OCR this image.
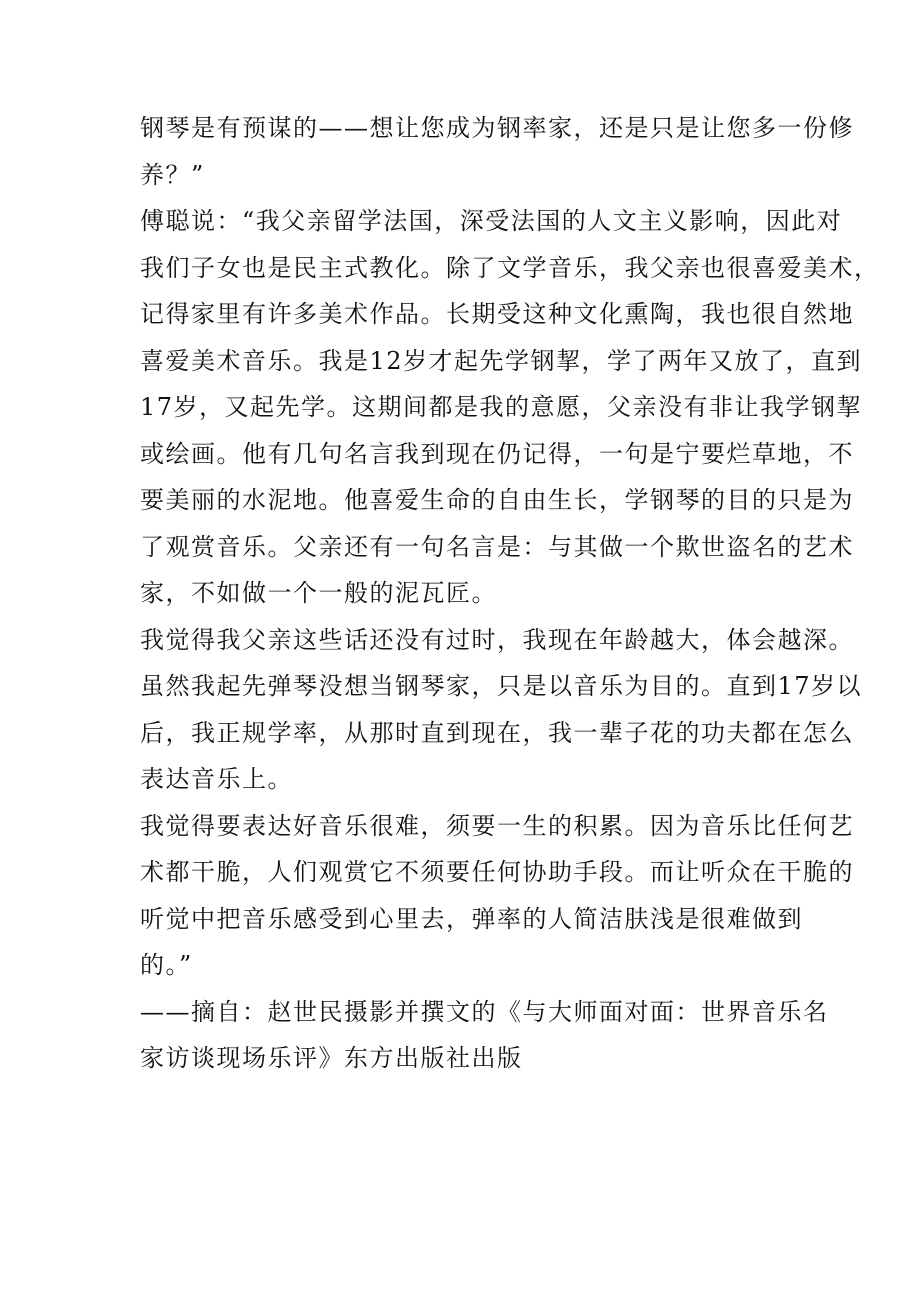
钢琴是有预谋的——想让您成为钢率家，还是只是让您多一份修
养？”
傅聪说：“我父亲留学法国，深受法国的人文主义影响，因此对
我们子女也是民主式教化。除了文学音乐，我父亲也很喜爱美术，
记得家里有许多美术作品。长期受这种文化熏陶，我也很自然地
喜爱美术音乐。我是12岁才起先学钢挈，学了两年又放了，直到
17岁，又起先学。这期间都是我的意愿，父亲没有非让我学钢挈
或绘画。他有几句名言我到现在仍记得，一句是宁要烂草地，不
要美丽的水泥地。他喜爱生命的自由生长，学钢琴的目的只是为
了观赏音乐。父亲还有一句名言是：与其做一个欺世盗名的艺术
家，不如做一个一般的泥瓦匠。
我觉得我父亲这些话还没有过时，我现在年龄越大，体会越深。
虽然我起先弹琴没想当钢琴家，只是以音乐为目的。直到17岁以
后，我正规学率，从那时直到现在，我一辈子花的功夫都在怎么
表达音乐上。
我觉得要表达好音乐很难，须要一生的积累。因为音乐比任何艺
术都干脆，人们观赏它不须要任何协助手段。而让听众在干脆的
听觉中把音乐感受到心里去，弹率的人简洁肤浅是很难做到
的。”
——摘自：赵世民摄影并撰文的《与大师面对面：世界音乐名
家访谈现场乐评》东方出版社出版
